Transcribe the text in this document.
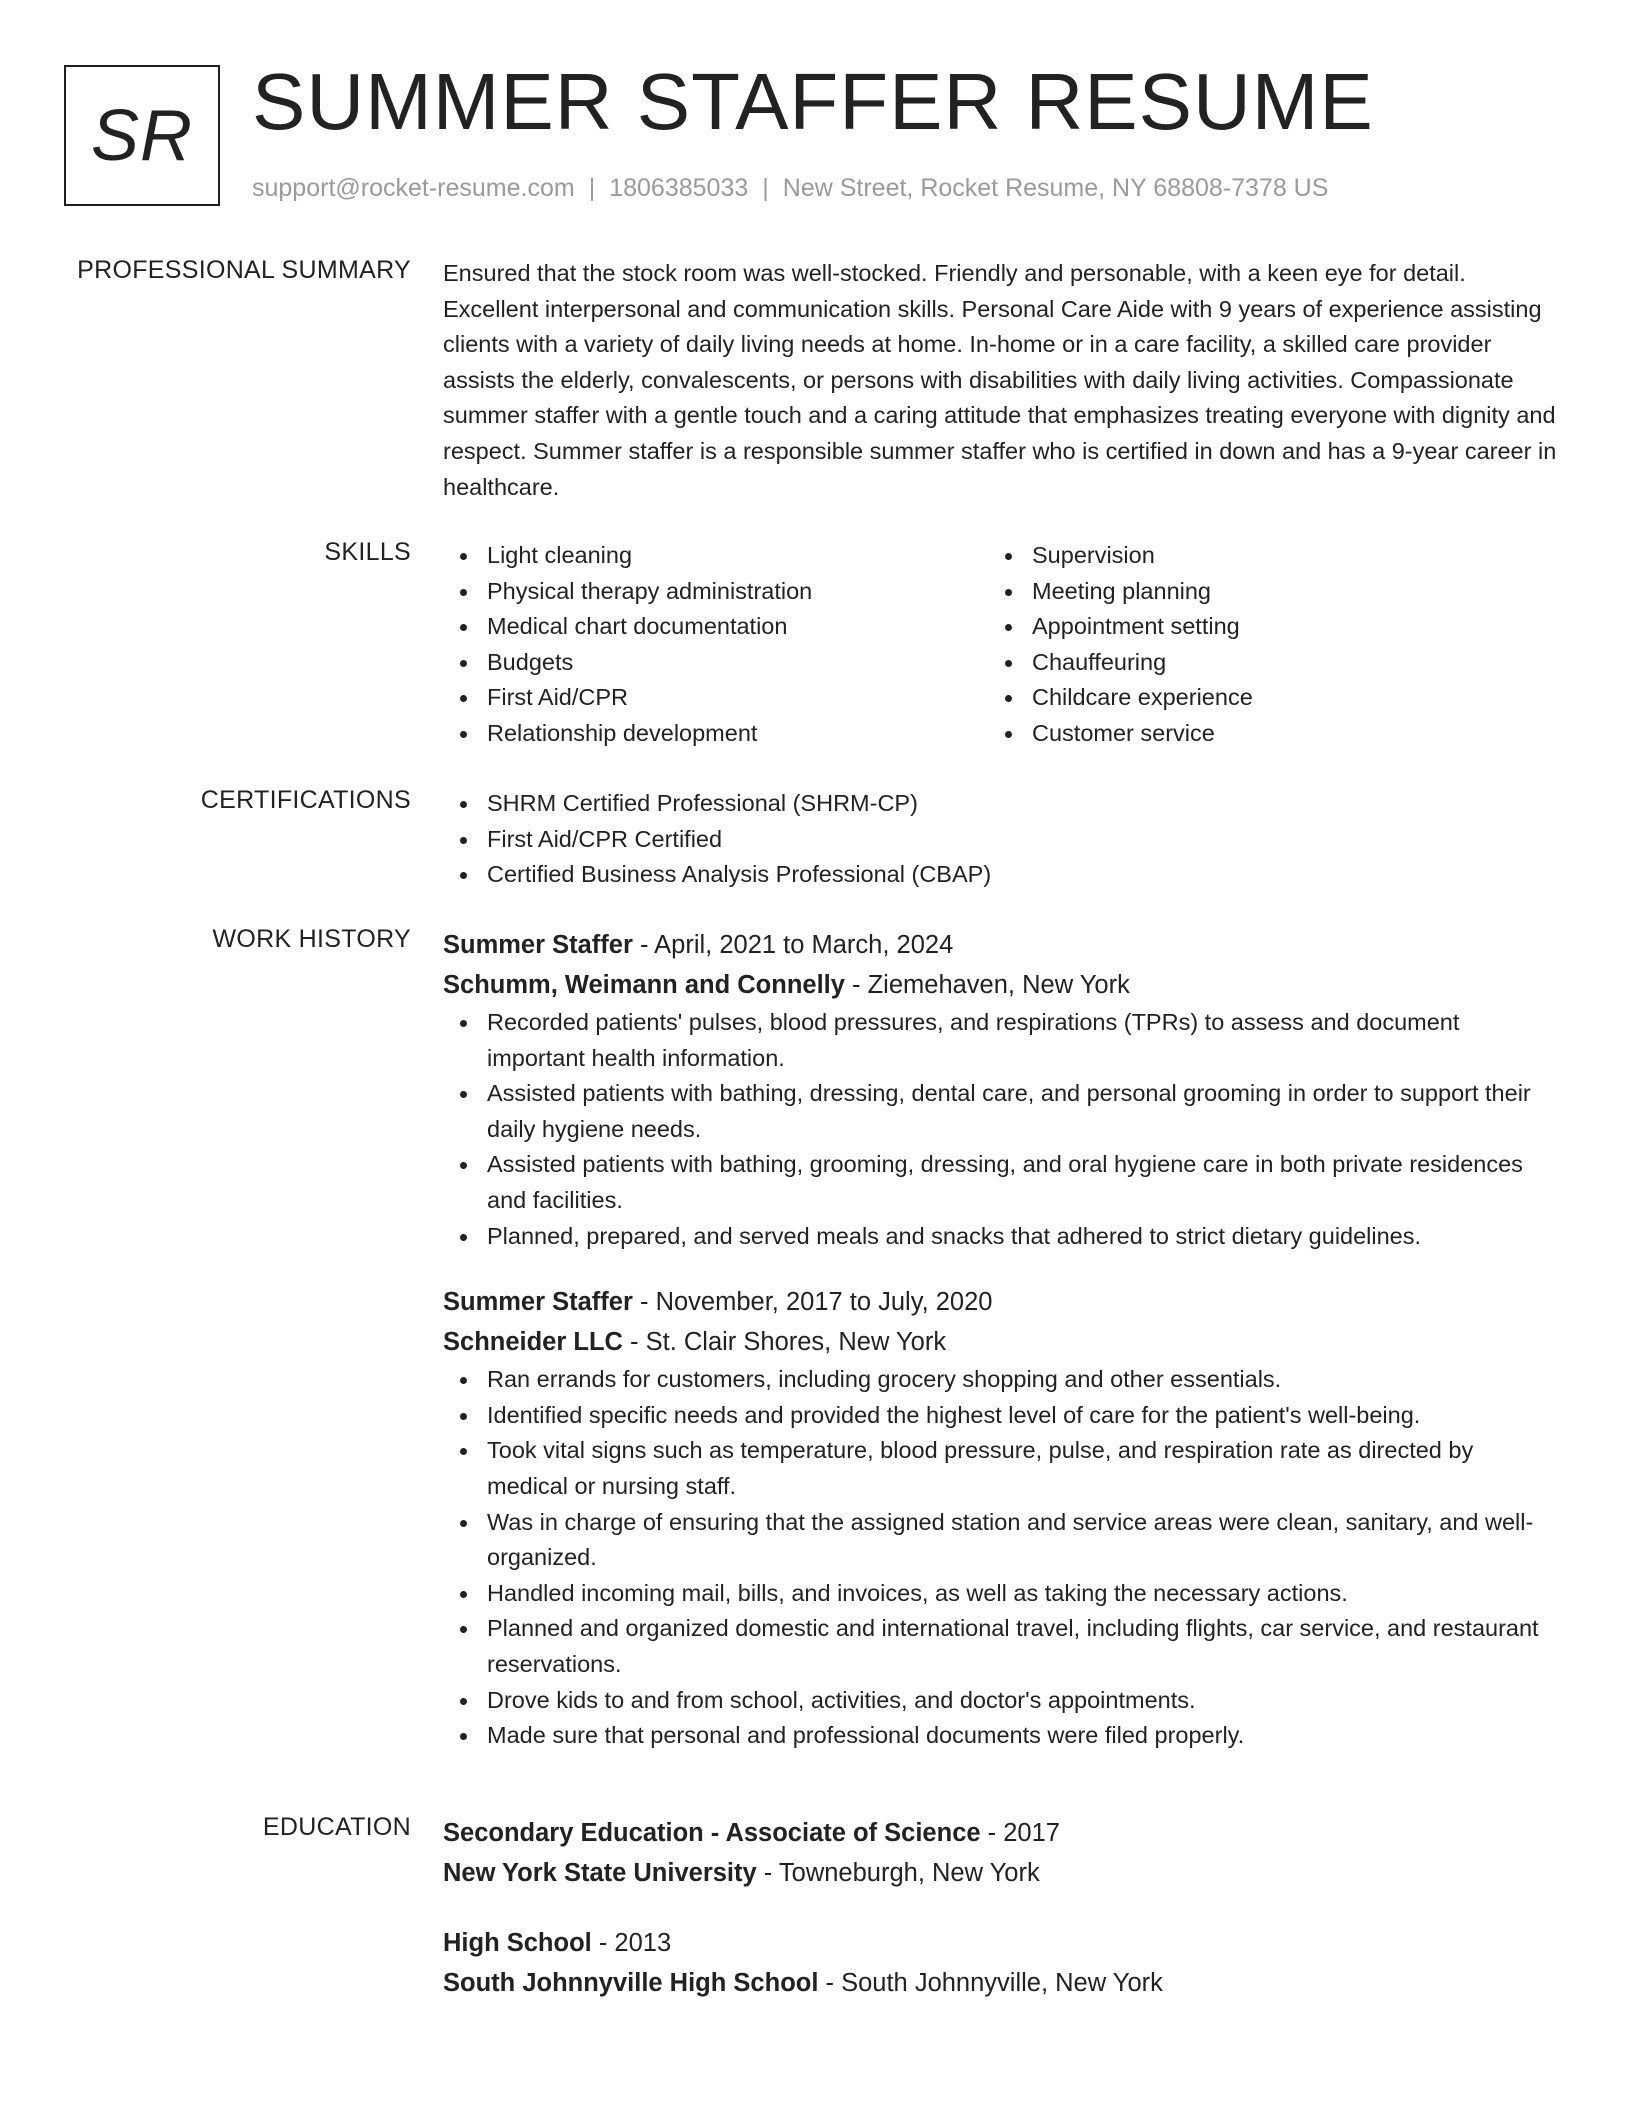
SR SUMMER STAFFER RESUME
support@rocket-resume.com | 1806385033 | New Street, Rocket Resume, NY 68808-7378 US
PROFESSIONAL SUMMARY Ensured that the stock room was well-stocked. Friendly and personable, with a keen eye for detail. Excellent interpersonal and communication skills. Personal Care Aide with 9 years of experience assisting clients with a variety of daily living needs at home. In-home or in a care facility, a skilled care provider assists the elderly, convalescents, or persons with disabilities with daily living activities. Compassionate summer staffer with a gentle touch and a caring attitude that emphasizes treating everyone with dignity and respect. Summer staffer is a responsible summer staffer who is certified in down and has a 9-year career in healthcare.
SKILLS	Light cleaning
Physical therapy administration
Medical chart documentation
Budgets
First Aid/CPR
Relationship development
Supervision
Meeting planning
Appointment setting
Chauffeuring
Childcare experience
Customer service
CERTIFICATIONS	SHRM Certified Professional (SHRM-CP)
First Aid/CPR Certified
Certified Business Analysis Professional (CBAP)
WORK HISTORY Summer Staffer - April, 2021 to March, 2024
Schumm, Weimann and Connelly - Ziemehaven, New York
Recorded patients' pulses, blood pressures, and respirations (TPRs) to assess and document important health information.
Assisted patients with bathing, dressing, dental care, and personal grooming in order to support their daily hygiene needs.
Assisted patients with bathing, grooming, dressing, and oral hygiene care in both private residences and facilities.
Planned, prepared, and served meals and snacks that adhered to strict dietary guidelines.
Summer Staffer - November, 2017 to July, 2020
Schneider LLC - St. Clair Shores, New York
Ran errands for customers, including grocery shopping and other essentials.
Identified specific needs and provided the highest level of care for the patient's well-being.
Took vital signs such as temperature, blood pressure, pulse, and respiration rate as directed by medical or nursing staff.
Was in charge of ensuring that the assigned station and service areas were clean, sanitary, and well-organized.
Handled incoming mail, bills, and invoices, as well as taking the necessary actions.
Planned and organized domestic and international travel, including flights, car service, and restaurant reservations.
Drove kids to and from school, activities, and doctor's appointments.
Made sure that personal and professional documents were filed properly.
EDUCATION Secondary Education - Associate of Science - 2017
New York State University - Towneburgh, New York
High School - 2013
South Johnnyville High School - South Johnnyville, New York
